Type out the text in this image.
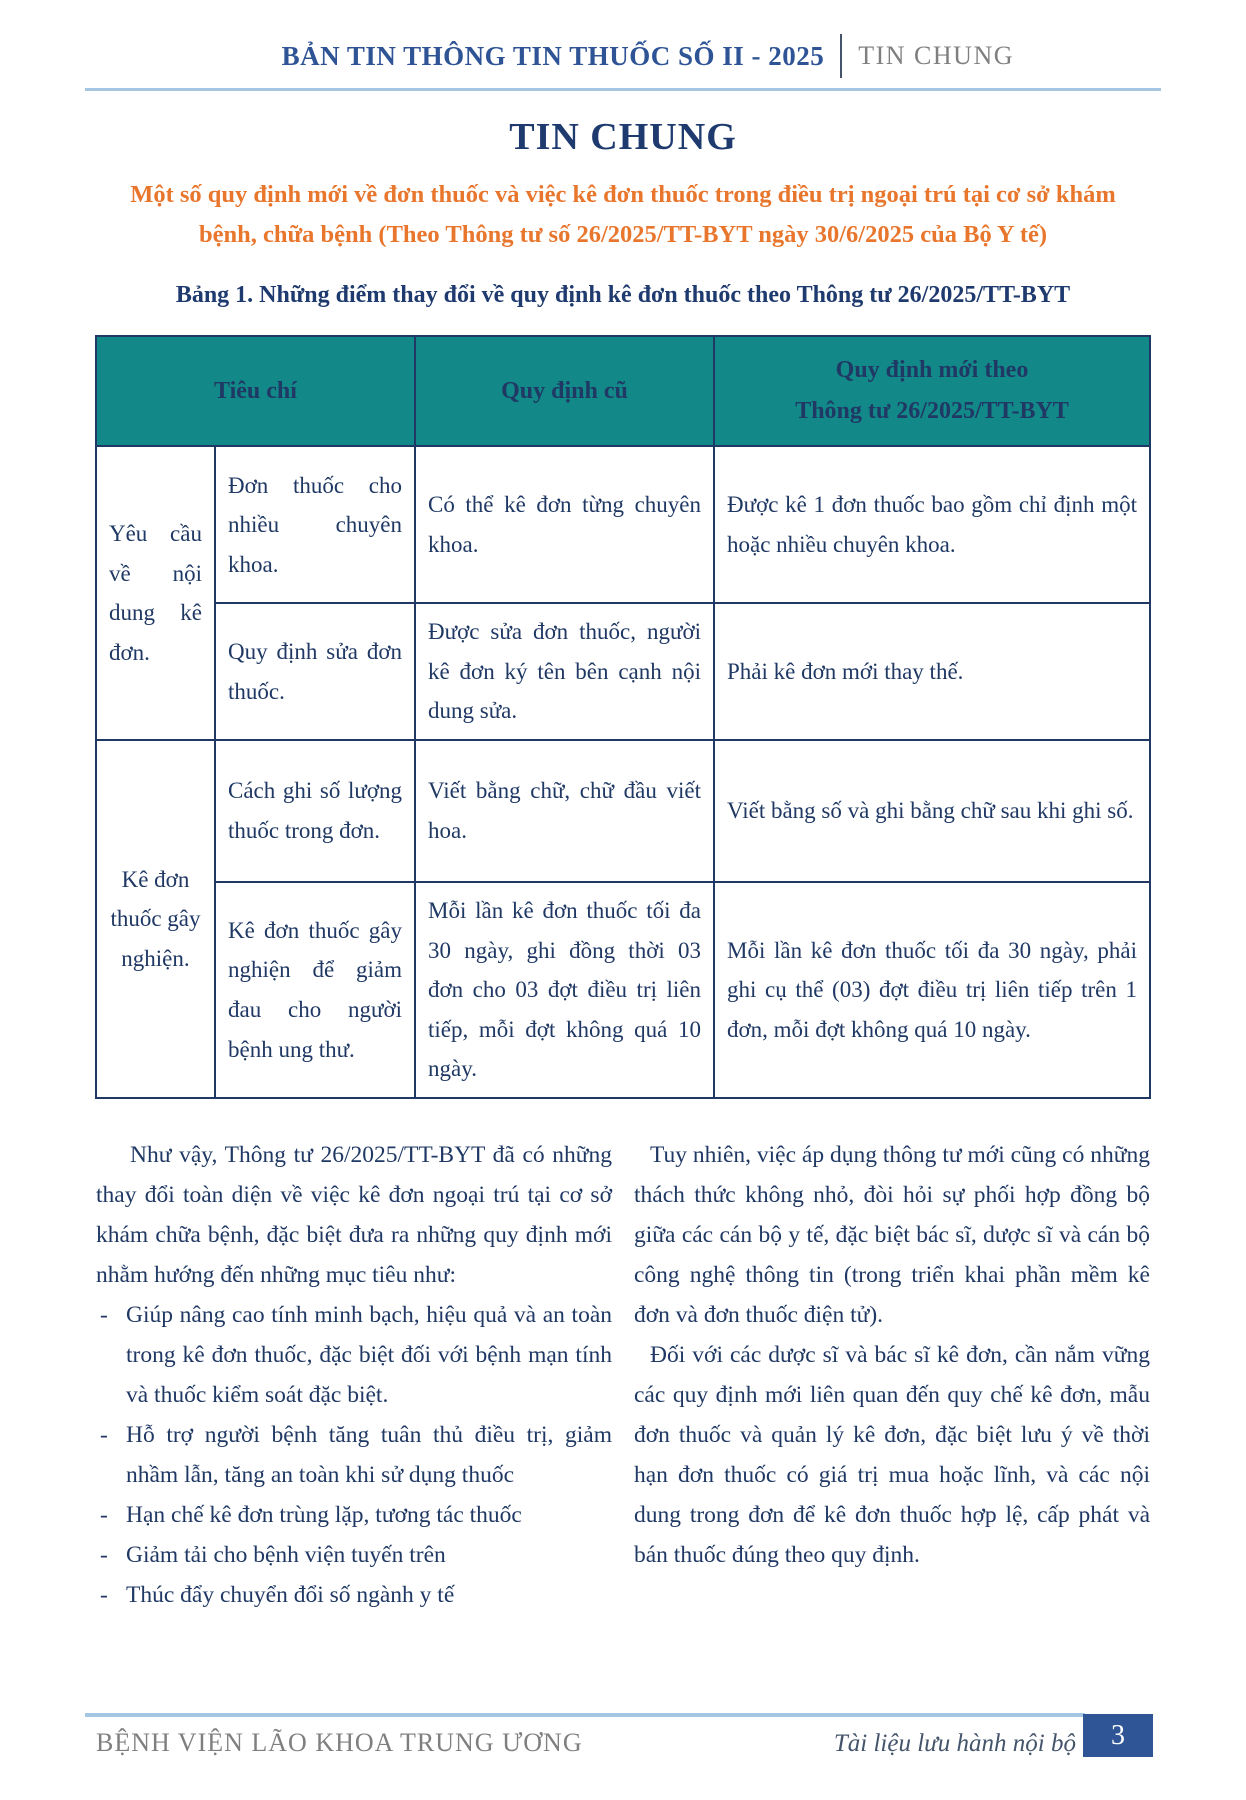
BẢN TIN THÔNG TIN THUỐC SỐ II - 2025 TIN CHUNG
TIN CHUNG

Một số quy định mới về đơn thuốc và việc kê đơn thuốc trong điều trị ngoại trú tại cơ sở khám bệnh, chữa bệnh (Theo Thông tư số 26/2025/TT-BYT ngày 30/6/2025 của Bộ Y tế)

Bảng 1. Những điểm thay đổi về quy định kê đơn thuốc theo Thông tư 26/2025/TT-BYT

Tiêu chí		Quy định cũ	Quy định mới theo
Thông tư 26/2025/TT-BYT

Yêu cầu về nội dung kê đơn.	Đơn thuốc cho nhiều chuyên khoa.	Có thể kê đơn từng chuyên khoa.	Được kê 1 đơn thuốc bao gồm chỉ định một hoặc nhiều chuyên khoa.
	Quy định sửa đơn thuốc.	Được sửa đơn thuốc, người kê đơn ký tên bên cạnh nội dung sửa.	Phải kê đơn mới thay thế.
Kê đơn thuốc gây nghiện.	Cách ghi số lượng thuốc trong đơn.	Viết bằng chữ, chữ đầu viết hoa.	Viết bằng số và ghi bằng chữ sau khi ghi số.
	Kê đơn thuốc gây nghiện để giảm đau cho người bệnh ung thư.	Mỗi lần kê đơn thuốc tối đa 30 ngày, ghi đồng thời 03 đơn cho 03 đợt điều trị liên tiếp, mỗi đợt không quá 10 ngày.	Mỗi lần kê đơn thuốc tối đa 30 ngày, phải ghi cụ thể (03) đợt điều trị liên tiếp trên 1 đơn, mỗi đợt không quá 10 ngày.

Như vậy, Thông tư 26/2025/TT-BYT đã có những thay đổi toàn diện về việc kê đơn ngoại trú tại cơ sở khám chữa bệnh, đặc biệt đưa ra những quy định mới nhằm hướng đến những mục tiêu như:

- Giúp nâng cao tính minh bạch, hiệu quả và an toàn trong kê đơn thuốc, đặc biệt đối với bệnh mạn tính và thuốc kiểm soát đặc biệt.
- Hỗ trợ người bệnh tăng tuân thủ điều trị, giảm nhầm lẫn, tăng an toàn khi sử dụng thuốc
- Hạn chế kê đơn trùng lặp, tương tác thuốc
- Giảm tải cho bệnh viện tuyến trên
- Thúc đẩy chuyển đổi số ngành y tế

Tuy nhiên, việc áp dụng thông tư mới cũng có những thách thức không nhỏ, đòi hỏi sự phối hợp đồng bộ giữa các cán bộ y tế, đặc biệt bác sĩ, dược sĩ và cán bộ công nghệ thông tin (trong triển khai phần mềm kê đơn và đơn thuốc điện tử).

Đối với các dược sĩ và bác sĩ kê đơn, cần nắm vững các quy định mới liên quan đến quy chế kê đơn, mẫu đơn thuốc và quản lý kê đơn, đặc biệt lưu ý về thời hạn đơn thuốc có giá trị mua hoặc lĩnh, và các nội dung trong đơn để kê đơn thuốc hợp lệ, cấp phát và bán thuốc đúng theo quy định.

BỆNH VIỆN LÃO KHOA TRUNG ƯƠNG	Tài liệu lưu hành nội bộ	3
